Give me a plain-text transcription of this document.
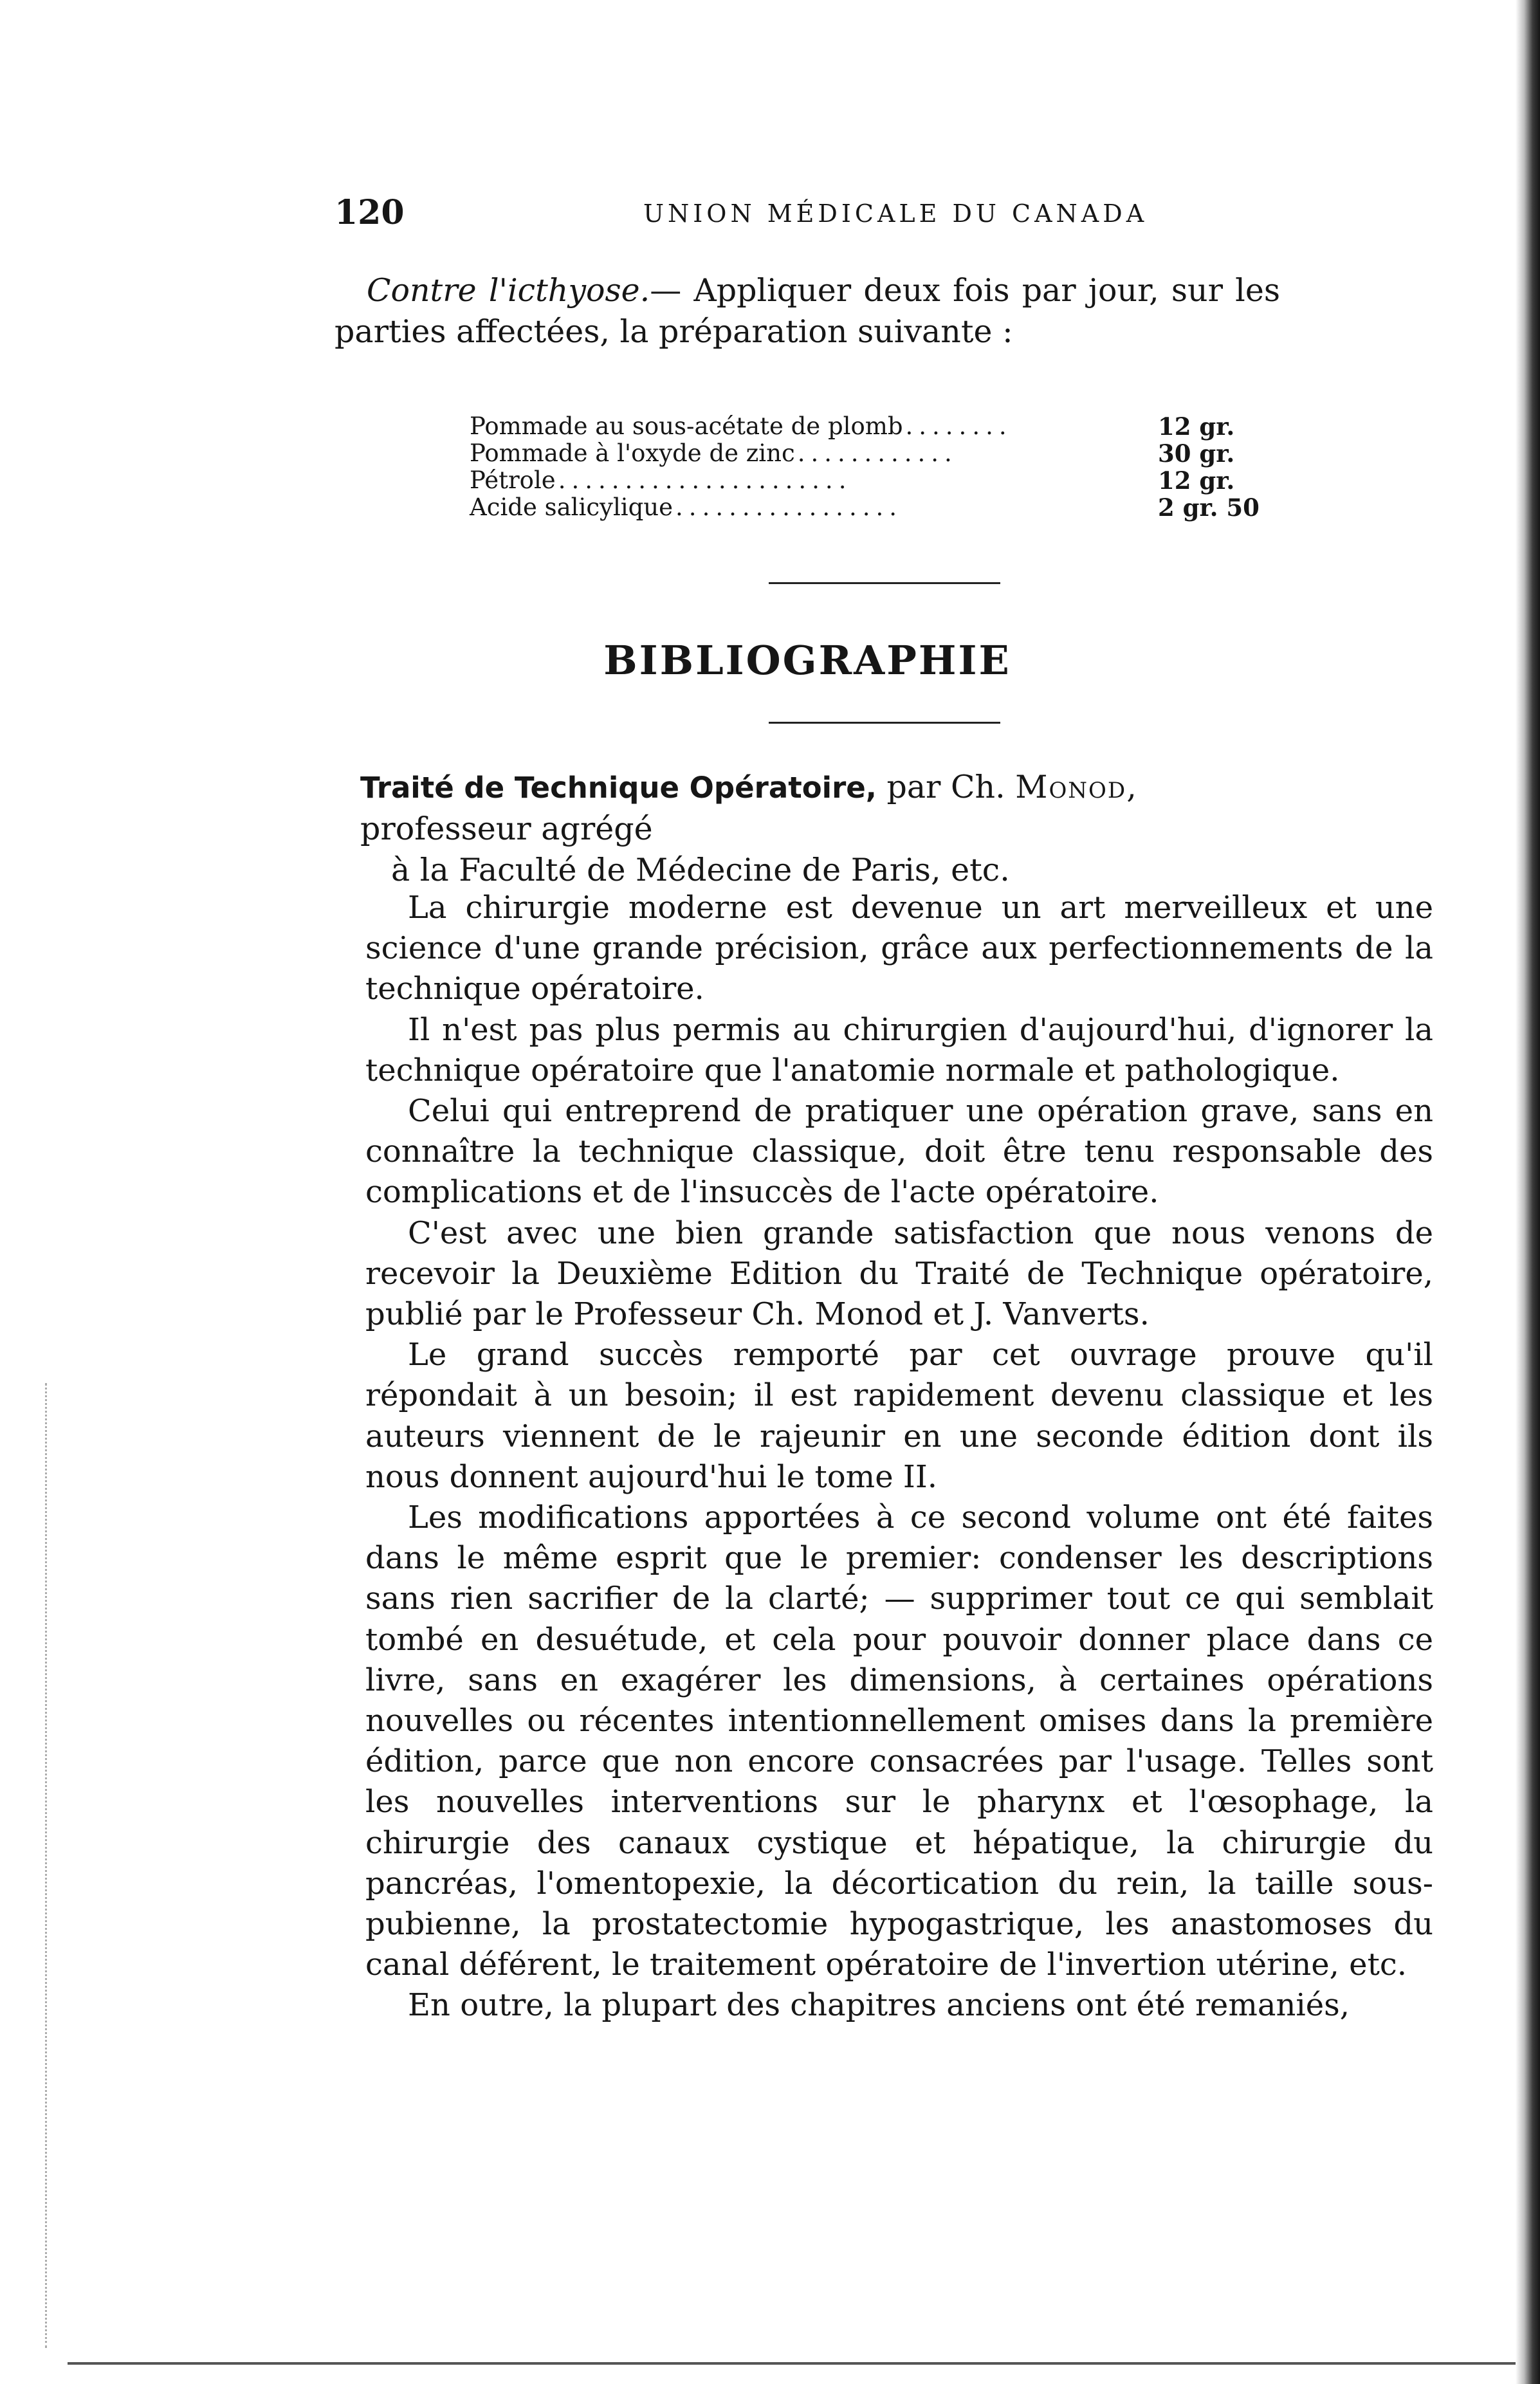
120	UNION MÉDICALE DU CANADA
Contre l'icthyose.— Appliquer deux fois par jour, sur les parties affectées, la préparation suivante :
Pommade au sous-acétate de plomb ........	12 gr.
Pommade à l'oxyde de zinc ............	30 gr.
Pétrole ......................	12 gr.
Acide salicylique .................	2 gr. 50
BIBLIOGRAPHIE
Traité de Technique Opératoire, par Ch. Monod, professeur agrégé
à la Faculté de Médecine de Paris, etc.

La chirurgie moderne est devenue un art merveilleux et une science d'une grande précision, grâce aux perfectionnements de la technique opératoire.

Il n'est pas plus permis au chirurgien d'aujourd'hui, d'ignorer la technique opératoire que l'anatomie normale et pathologique.

Celui qui entreprend de pratiquer une opération grave, sans en connaître la technique classique, doit être tenu responsable des complications et de l'insuccès de l'acte opératoire.

C'est avec une bien grande satisfaction que nous venons de recevoir la Deuxième Edition du Traité de Technique opératoire, publié par le Professeur Ch. Monod et J. Vanverts.

Le grand succès remporté par cet ouvrage prouve qu'il répondait à un besoin; il est rapidement devenu classique et les auteurs viennent de le rajeunir en une seconde édition dont ils nous donnent aujourd'hui le tome II.

Les modifications apportées à ce second volume ont été faites dans le même esprit que le premier: condenser les descriptions sans rien sacrifier de la clarté; — supprimer tout ce qui semblait tombé en desuétude, et cela pour pouvoir donner place dans ce livre, sans en exagérer les dimensions, à certaines opérations nouvelles ou récentes intentionnellement omises dans la première édition, parce que non encore consacrées par l'usage. Telles sont les nouvelles interventions sur le pharynx et l'œsophage, la chirurgie des canaux cystique et hépatique, la chirurgie du pancréas, l'omentopexie, la décortication du rein, la taille sous-pubienne, la prostatectomie hypogastrique, les anastomoses du canal déférent, le traitement opératoire de l'invertion utérine, etc.

En outre, la plupart des chapitres anciens ont été remaniés,
